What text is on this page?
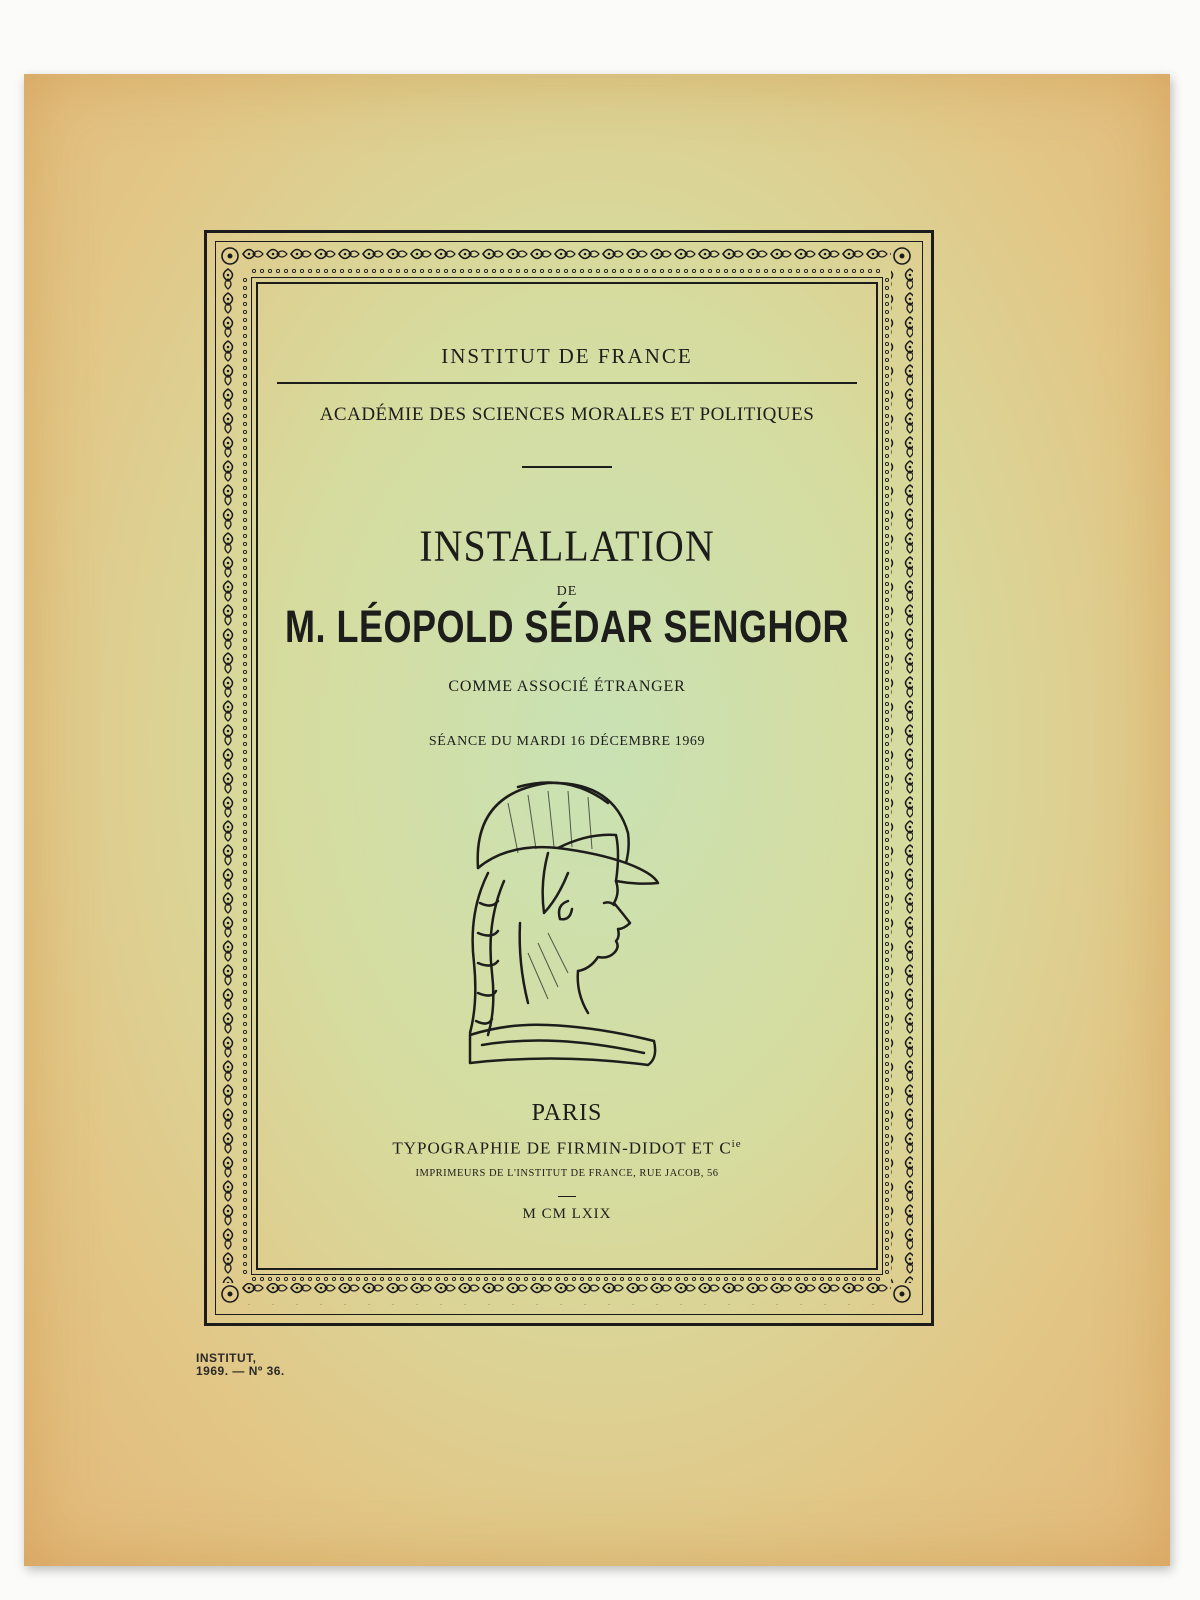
INSTITUT DE FRANCE
ACADÉMIE DES SCIENCES MORALES ET POLITIQUES
INSTALLATION
DE
M. LÉOPOLD SÉDAR SENGHOR
COMME ASSOCIÉ ÉTRANGER
SÉANCE DU MARDI 16 DÉCEMBRE 1969
PARIS
TYPOGRAPHIE DE FIRMIN-DIDOT ET $C^{ie}$
IMPRIMEURS DE L'INSTITUT DE FRANCE, RUE JACOB, 56
M CM LXIX
INSTITUT,
1969. — Nº 36.
